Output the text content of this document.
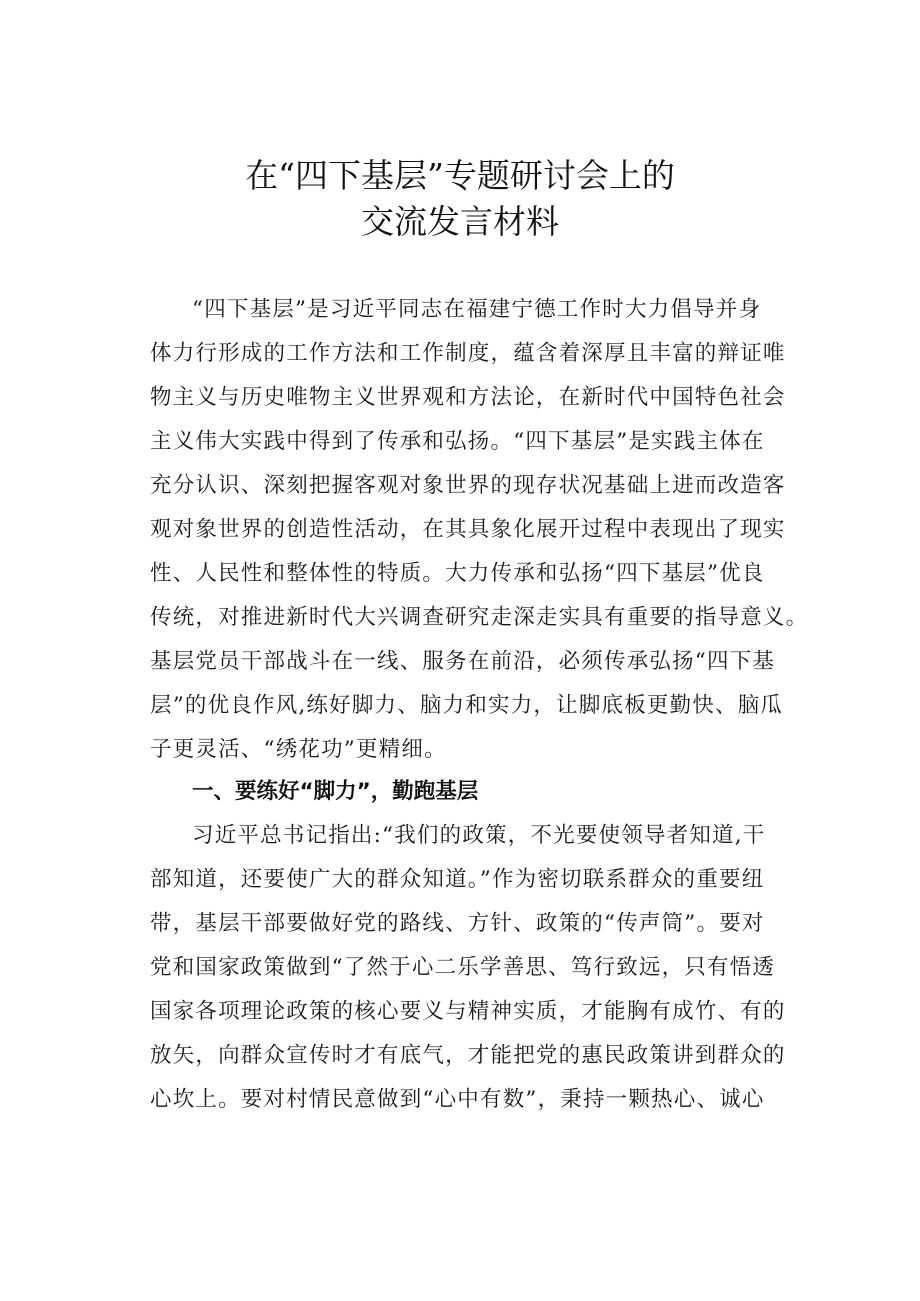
在“四下基层”专题研讨会上的
交流发言材料
“四下基层”是习近平同志在福建宁德工作时大力倡导并身
体力行形成的工作方法和工作制度，蕴含着深厚且丰富的辩证唯
物主义与历史唯物主义世界观和方法论，在新时代中国特色社会
主义伟大实践中得到了传承和弘扬。“四下基层”是实践主体在
充分认识、深刻把握客观对象世界的现存状况基础上进而改造客
观对象世界的创造性活动，在其具象化展开过程中表现出了现实
性、人民性和整体性的特质。大力传承和弘扬“四下基层”优良
传统，对推进新时代大兴调查研究走深走实具有重要的指导意义。
基层党员干部战斗在一线、服务在前沿，必须传承弘扬“四下基
层”的优良作风,练好脚力、脑力和实力，让脚底板更勤快、脑瓜
子更灵活、“绣花功”更精细。
一、要练好“脚力”，勤跑基层
习近平总书记指出:“我们的政策，不光要使领导者知道,干
部知道，还要使广大的群众知道。”作为密切联系群众的重要纽
带，基层干部要做好党的路线、方针、政策的“传声筒”。要对
党和国家政策做到“了然于心二乐学善思、笃行致远，只有悟透
国家各项理论政策的核心要义与精神实质，才能胸有成竹、有的
放矢，向群众宣传时才有底气，才能把党的惠民政策讲到群众的
心坎上。要对村情民意做到“心中有数”，秉持一颗热心、诚心
